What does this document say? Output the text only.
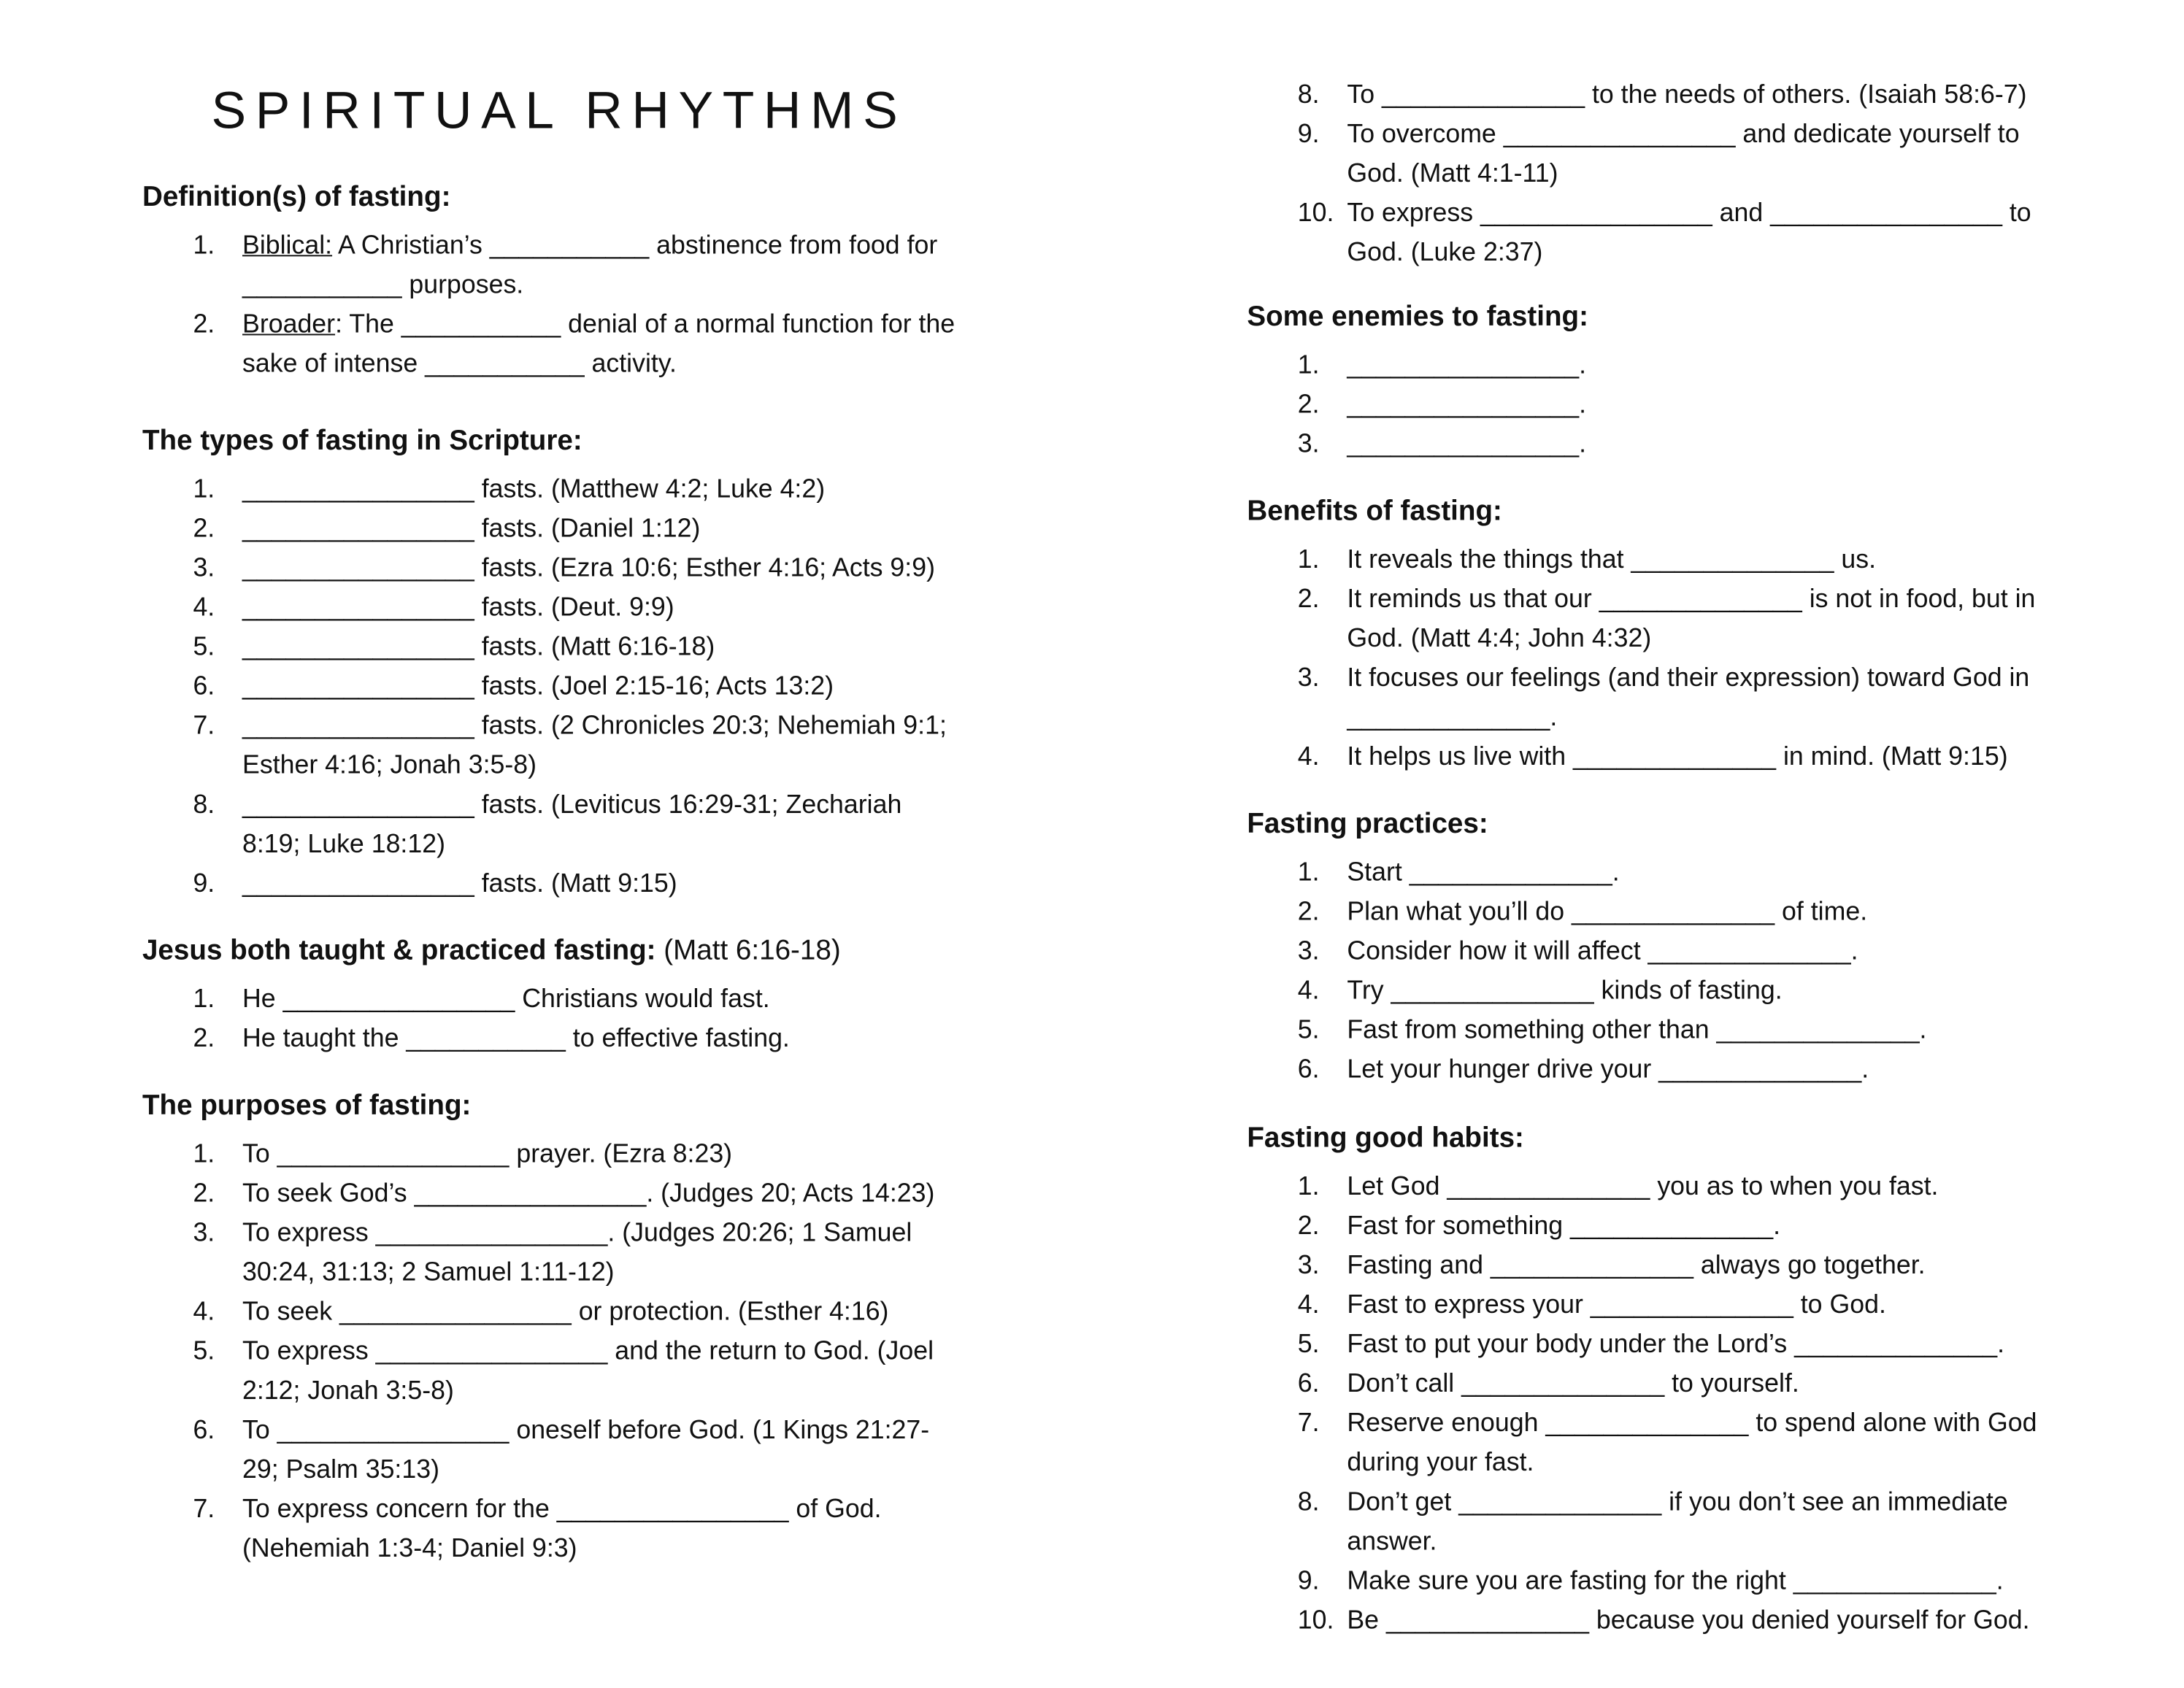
SPIRITUAL RHYTHMS
Definition(s) of fasting:
1. Biblical: A Christian’s ___________ abstinence from food for ___________ purposes.
2. Broader: The ___________ denial of a normal function for the sake of intense ___________ activity.
The types of fasting in Scripture:
1. ________________ fasts. (Matthew 4:2; Luke 4:2)
2. ________________ fasts. (Daniel 1:12)
3. ________________ fasts. (Ezra 10:6; Esther 4:16; Acts 9:9)
4. ________________ fasts. (Deut. 9:9)
5. ________________ fasts. (Matt 6:16-18)
6. ________________ fasts. (Joel 2:15-16; Acts 13:2)
7. ________________ fasts. (2 Chronicles 20:3; Nehemiah 9:1; Esther 4:16; Jonah 3:5-8)
8. ________________ fasts. (Leviticus 16:29-31; Zechariah 8:19; Luke 18:12)
9. ________________ fasts. (Matt 9:15)
Jesus both taught & practiced fasting: (Matt 6:16-18)
1. He ________________ Christians would fast.
2. He taught the ___________ to effective fasting.
The purposes of fasting:
1. To ________________ prayer. (Ezra 8:23)
2. To seek God’s ________________. (Judges 20; Acts 14:23)
3. To express ________________. (Judges 20:26; 1 Samuel 30:24, 31:13; 2 Samuel 1:11-12)
4. To seek ________________ or protection. (Esther 4:16)
5. To express ________________ and the return to God. (Joel 2:12; Jonah 3:5-8)
6. To ________________ oneself before God. (1 Kings 21:27-29; Psalm 35:13)
7. To express concern for the ________________ of God. (Nehemiah 1:3-4; Daniel 9:3)
8. To ______________ to the needs of others. (Isaiah 58:6-7)
9. To overcome ________________ and dedicate yourself to God. (Matt 4:1-11)
10. To express ________________ and ________________ to God. (Luke 2:37)
Some enemies to fasting:
1. ________________.
2. ________________.
3. ________________.
Benefits of fasting:
1. It reveals the things that ______________ us.
2. It reminds us that our ______________ is not in food, but in God. (Matt 4:4; John 4:32)
3. It focuses our feelings (and their expression) toward God in ______________.
4. It helps us live with ______________ in mind. (Matt 9:15)
Fasting practices:
1. Start ______________.
2. Plan what you’ll do ______________ of time.
3. Consider how it will affect ______________.
4. Try ______________ kinds of fasting.
5. Fast from something other than ______________.
6. Let your hunger drive your ______________.
Fasting good habits:
1. Let God ______________ you as to when you fast.
2. Fast for something ______________.
3. Fasting and ______________ always go together.
4. Fast to express your ______________ to God.
5. Fast to put your body under the Lord’s ______________.
6. Don’t call ______________ to yourself.
7. Reserve enough ______________ to spend alone with God during your fast.
8. Don’t get ______________ if you don’t see an immediate answer.
9. Make sure you are fasting for the right ______________.
10. Be ______________ because you denied yourself for God.
